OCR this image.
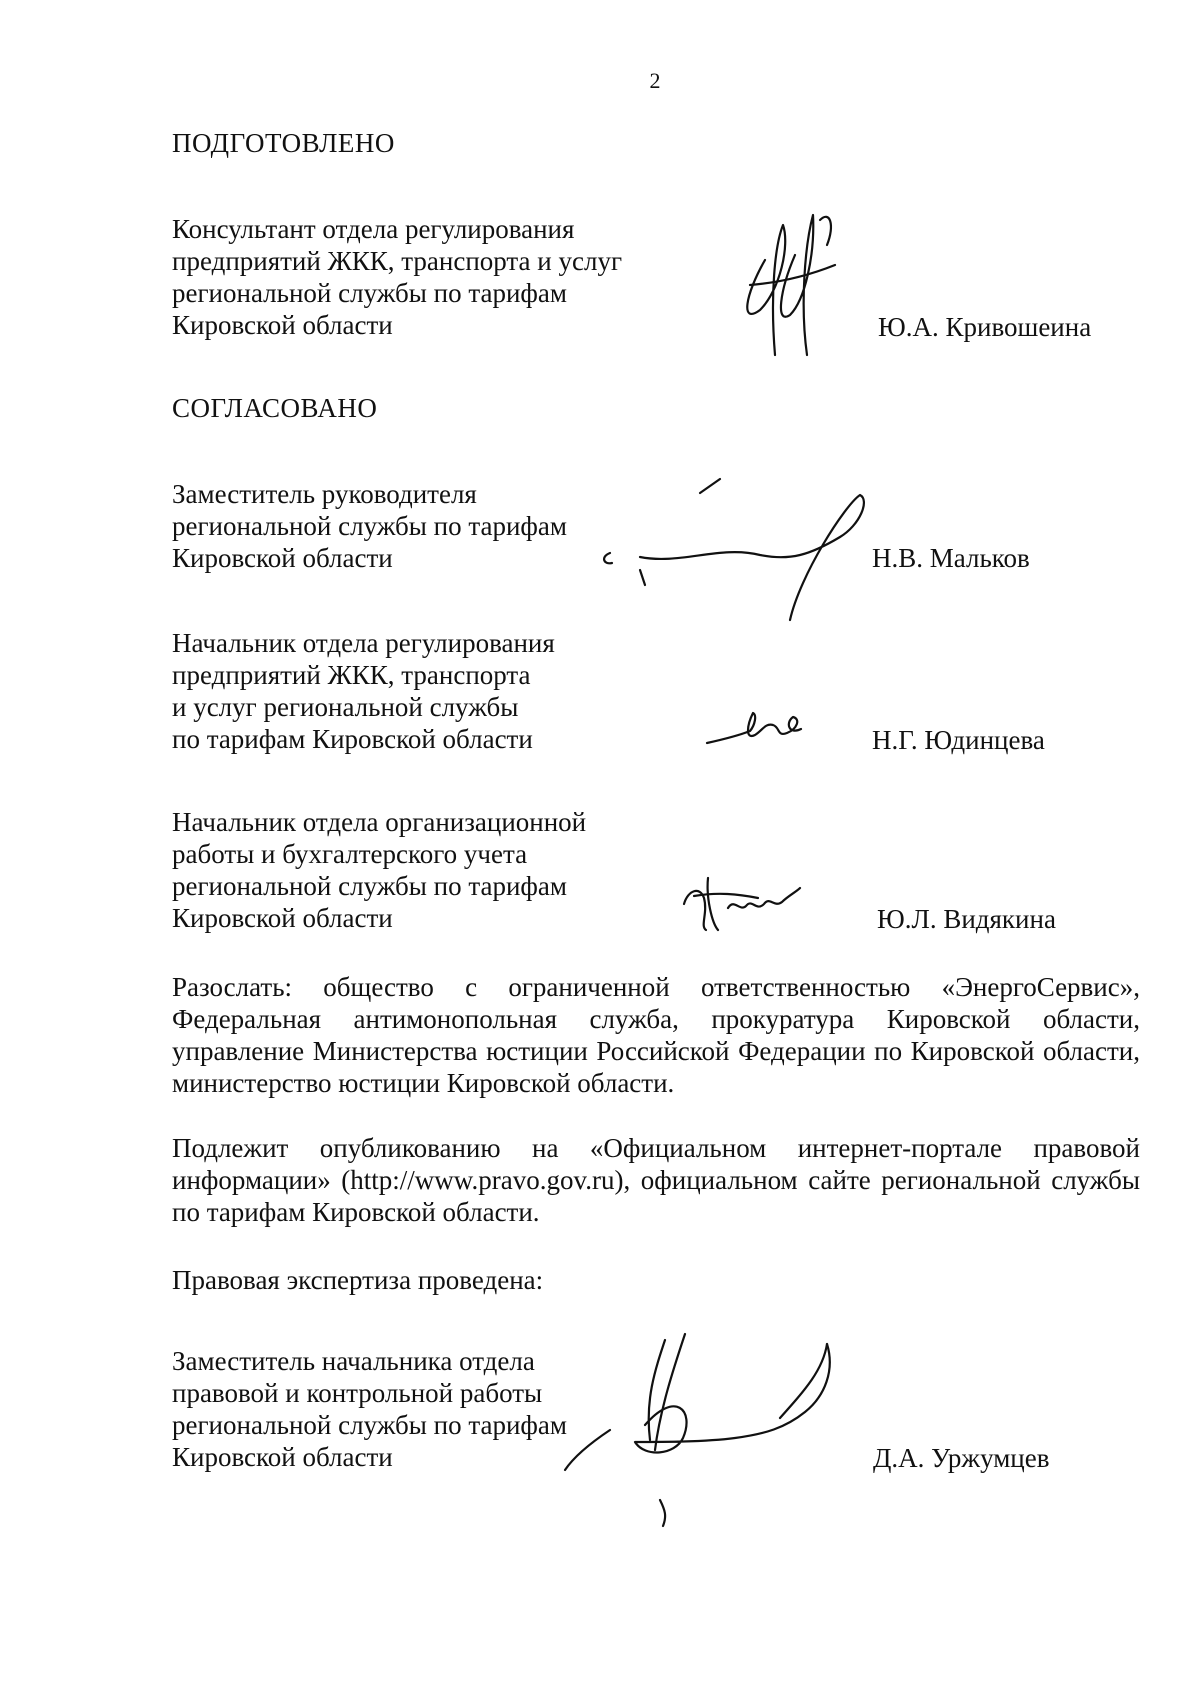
2
ПОДГОТОВЛЕНО
Консультант отдела регулирования
предприятий ЖКК, транспорта и услуг
региональной службы по тарифам
Кировской области	Ю.А. Кривошеина
СОГЛАСОВАНО
Заместитель руководителя
региональной службы по тарифам
Кировской области	Н.В. Мальков
Начальник отдела регулирования
предприятий ЖКК, транспорта
и услуг региональной службы
по тарифам Кировской области	Н.Г. Юдинцева
Начальник отдела организационной
работы и бухгалтерского учета
региональной службы по тарифам
Кировской области	Ю.Л. Видякина
Разослать: общество с ограниченной ответственностью «ЭнергоСервис», Федеральная антимонопольная служба, прокуратура Кировской области, управление Министерства юстиции Российской Федерации по Кировской области, министерство юстиции Кировской области.
Подлежит опубликованию на «Официальном интернет-портале правовой информации» (http://www.pravo.gov.ru), официальном сайте региональной службы по тарифам Кировской области.
Правовая экспертиза проведена:
Заместитель начальника отдела
правовой и контрольной работы
региональной службы по тарифам
Кировской области	Д.А. Уржумцев
